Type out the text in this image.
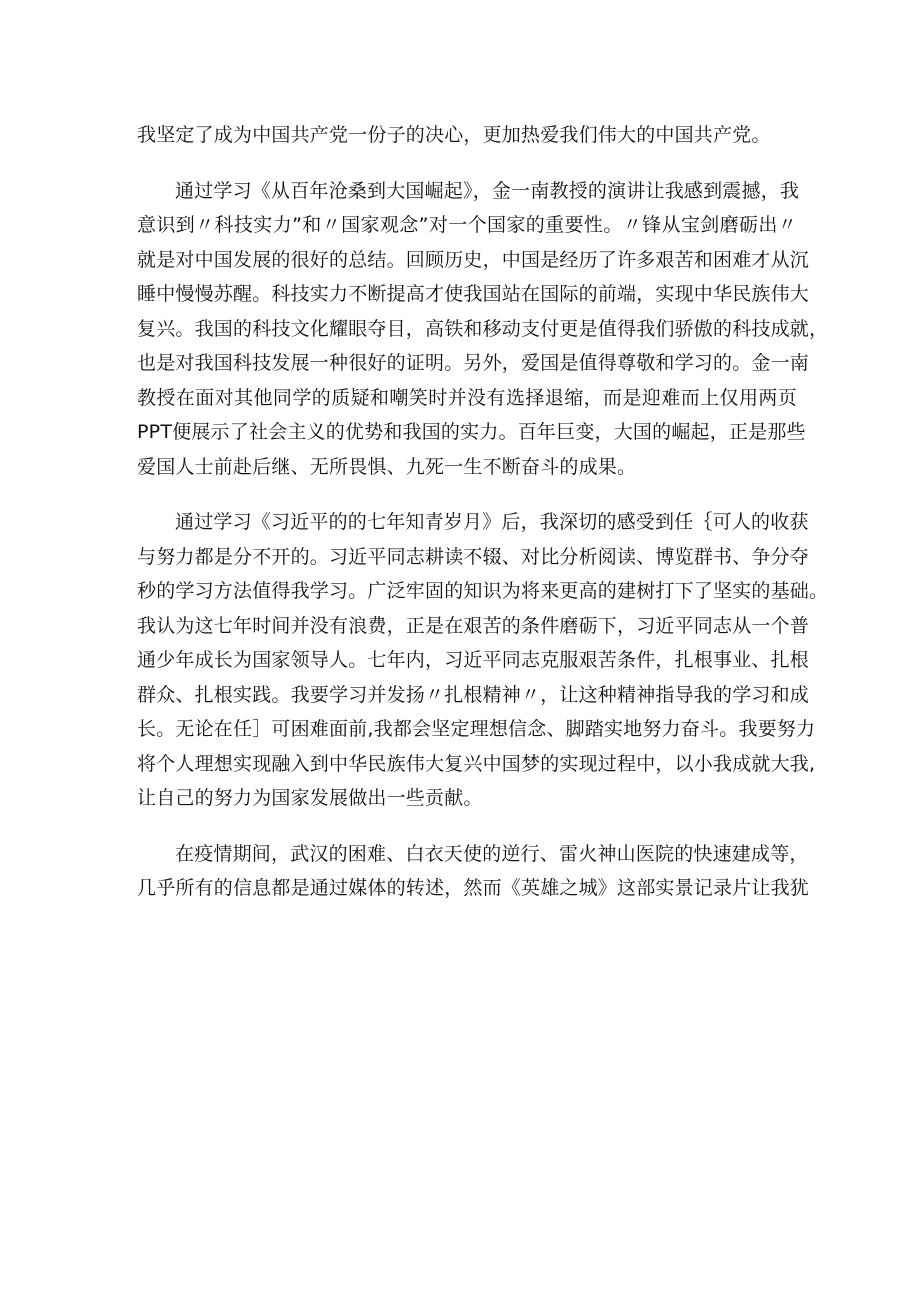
我坚定了成为中国共产党一份子的决心，更加热爱我们伟大的中国共产党。
通过学习《从百年沧桑到大国崛起》，金一南教授的演讲让我感到震撼，我
意识到〃科技实力”和〃国家观念”对一个国家的重要性。〃锋从宝剑磨砺出〃
就是对中国发展的很好的总结。回顾历史，中国是经历了许多艰苦和困难才从沉
睡中慢慢苏醒。科技实力不断提高才使我国站在国际的前端，实现中华民族伟大
复兴。我国的科技文化耀眼夺目，高铁和移动支付更是值得我们骄傲的科技成就，
也是对我国科技发展一种很好的证明。另外，爱国是值得尊敬和学习的。金一南
教授在面对其他同学的质疑和嘲笑时并没有选择退缩，而是迎难而上仅用两页
PPT便展示了社会主义的优势和我国的实力。百年巨变，大国的崛起，正是那些
爱国人士前赴后继、无所畏惧、九死一生不断奋斗的成果。
通过学习《习近平的的七年知青岁月》后，我深切的感受到任｛可人的收获
与努力都是分不开的。习近平同志耕读不辍、对比分析阅读、博览群书、争分夺
秒的学习方法值得我学习。广泛牢固的知识为将来更高的建树打下了坚实的基础。
我认为这七年时间并没有浪费，正是在艰苦的条件磨砺下，习近平同志从一个普
通少年成长为国家领导人。七年内，习近平同志克服艰苦条件，扎根事业、扎根
群众、扎根实践。我要学习并发扬〃扎根精神〃，让这种精神指导我的学习和成
长。无论在任］可困难面前,我都会坚定理想信念、脚踏实地努力奋斗。我要努力
将个人理想实现融入到中华民族伟大复兴中国梦的实现过程中，以小我成就大我,
让自己的努力为国家发展做出一些贡献。
在疫情期间，武汉的困难、白衣天使的逆行、雷火神山医院的快速建成等，
几乎所有的信息都是通过媒体的转述，然而《英雄之城》这部实景记录片让我犹
